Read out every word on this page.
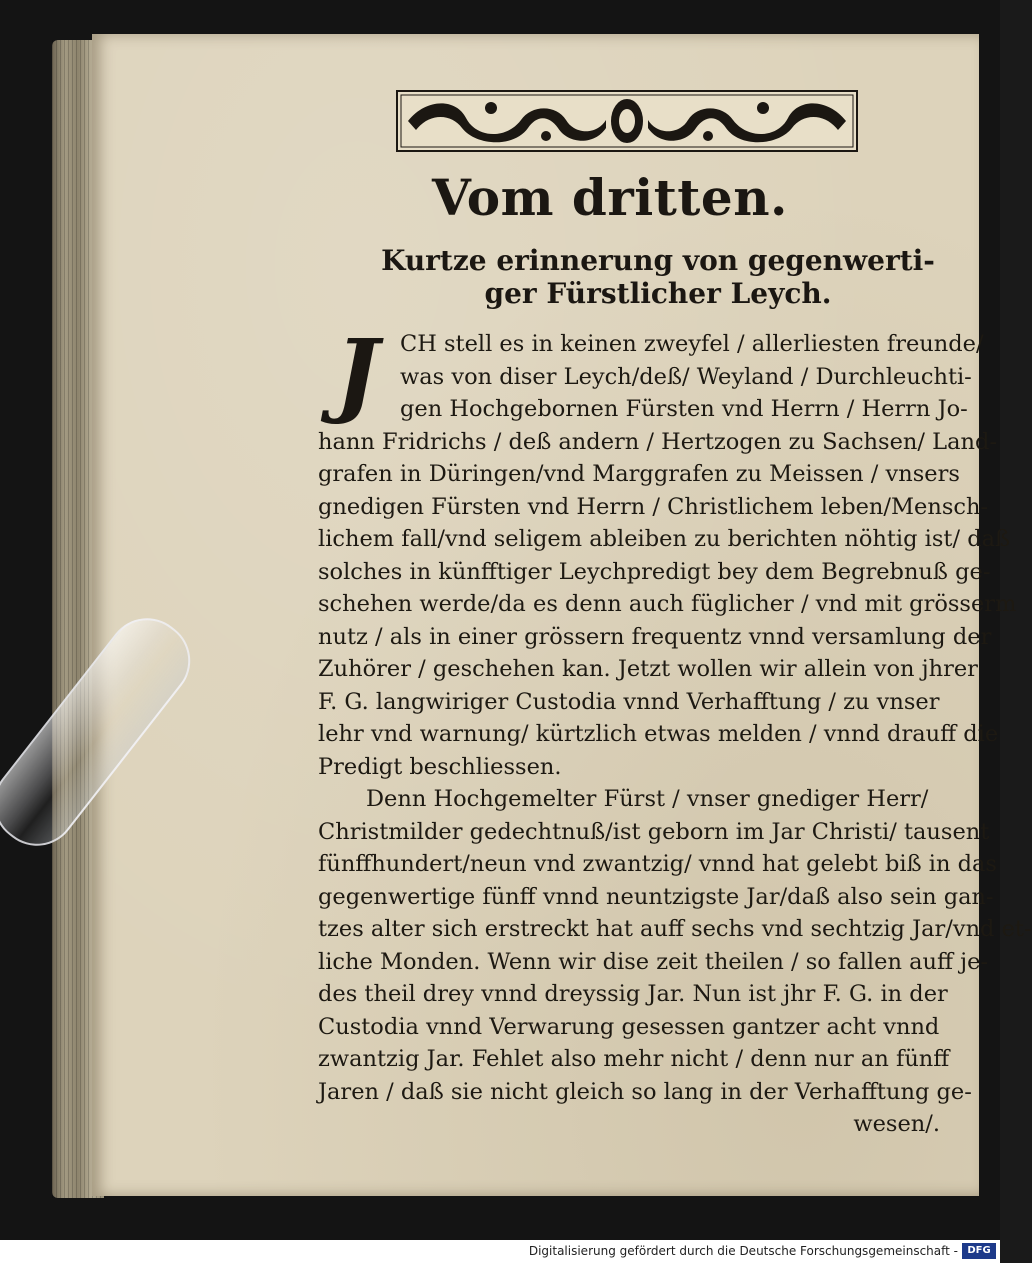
Vom dritten.
Kurtze erinnerung von gegenwerti-
ger Fürstlicher Leych.
J CH stell es in keinen zweyfel / allerliesten freunde/
was von diser Leych/deß/ Weyland / Durchleuchti-
gen Hochgebornen Fürsten vnd Herrn / Herrn Jo-
hann Fridrichs / deß andern / Hertzogen zu Sachsen/ Land-
grafen in Düringen/vnd Marggrafen zu Meissen / vnsers
gnedigen Fürsten vnd Herrn / Christlichem leben/Mensch-
lichem fall/vnd seligem ableiben zu berichten nöhtig ist/ daß
solches in künfftiger Leychpredigt bey dem Begrebnuß ge-
schehen werde/da es denn auch füglicher / vnd mit grösserm
nutz / als in einer grössern frequentz vnnd versamlung der
Zuhörer / geschehen kan. Jetzt wollen wir allein von jhrer
F. G. langwiriger Custodia vnnd Verhafftung / zu vnser
lehr vnd warnung/ kürtzlich etwas melden / vnnd drauff die
Predigt beschliessen.
Denn Hochgemelter Fürst / vnser gnediger Herr/
Christmilder gedechtnuß/ist geborn im Jar Christi/ tausent
fünffhundert/neun vnd zwantzig/ vnnd hat gelebt biß in das
gegenwertige fünff vnnd neuntzigste Jar/daß also sein gan-
tzes alter sich erstreckt hat auff sechs vnd sechtzig Jar/vnd et-
liche Monden. Wenn wir dise zeit theilen / so fallen auff je-
des theil drey vnnd dreyssig Jar. Nun ist jhr F. G. in der
Custodia vnnd Verwarung gesessen gantzer acht vnnd
zwantzig Jar. Fehlet also mehr nicht / denn nur an fünff
Jaren / daß sie nicht gleich so lang in der Verhafftung ge-
wesen/.
Digitalisierung gefördert durch die Deutsche Forschungsgemeinschaft - DFG
